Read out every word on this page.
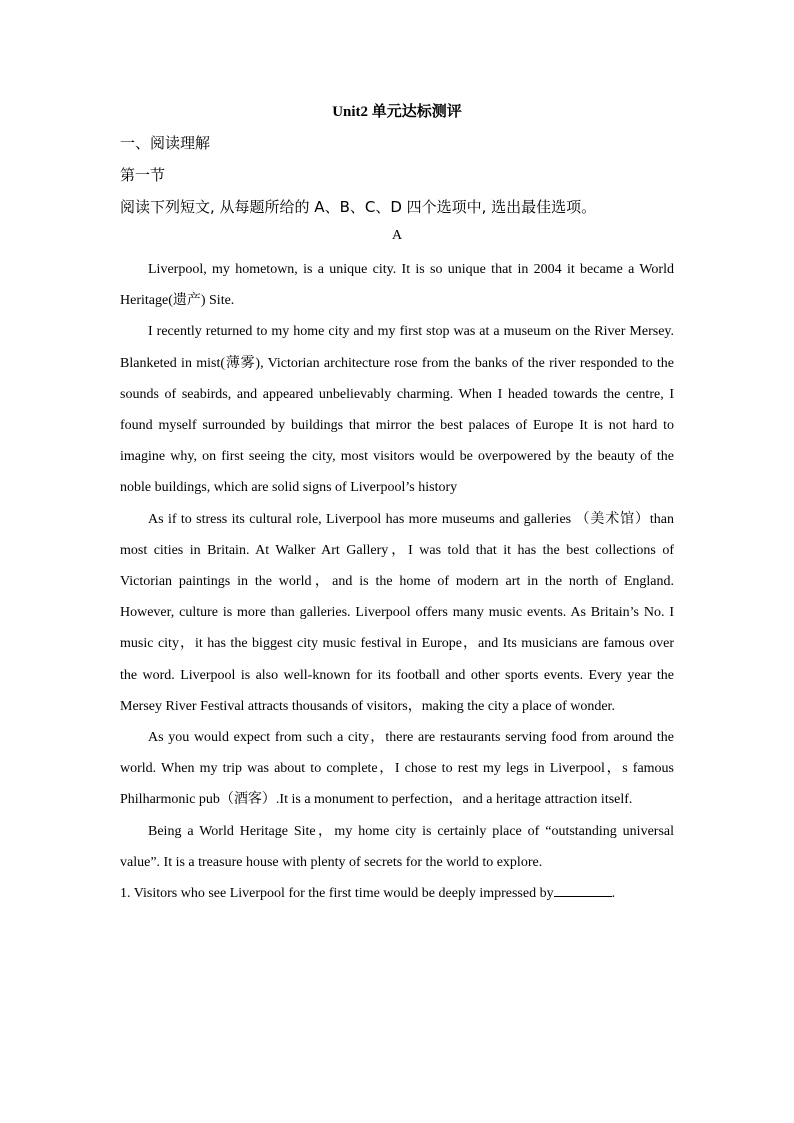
Unit2 单元达标测评
一、阅读理解
第一节
阅读下列短文, 从每题所给的 A、B、C、D 四个选项中, 选出最佳选项。
A

Liverpool, my hometown, is a unique city. It is so unique that in 2004 it became a World Heritage(遗产) Site.

I recently returned to my home city and my first stop was at a museum on the River Mersey. Blanketed in mist(薄雾), Victorian architecture rose from the banks of the river responded to the sounds of seabirds, and appeared unbelievably charming. When I headed towards the centre, I found myself surrounded by buildings that mirror the best palaces of Europe It is not hard to imagine why, on first seeing the city, most visitors would be overpowered by the beauty of the noble buildings, which are solid signs of Liverpool’s history

As if to stress its cultural role, Liverpool has more museums and galleries （美术馆）than most cities in Britain. At Walker Art Gallery，I was told that it has the best collections of Victorian paintings in the world，and is the home of modern art in the north of England. However, culture is more than galleries. Liverpool offers many music events. As Britain’s No. I music city，it has the biggest city music festival in Europe，and Its musicians are famous over the word. Liverpool is also well-known for its football and other sports events. Every year the Mersey River Festival attracts thousands of visitors，making the city a place of wonder.

As you would expect from such a city，there are restaurants serving food from around the world. When my trip was about to complete，I chose to rest my legs in Liverpool，s famous Philharmonic pub（酒客）.It is a monument to perfection，and a heritage attraction itself.

Being a World Heritage Site，my home city is certainly place of “outstanding universal value”. It is a treasure house with plenty of secrets for the world to explore.

1. Visitors who see Liverpool for the first time would be deeply impressed by	.
